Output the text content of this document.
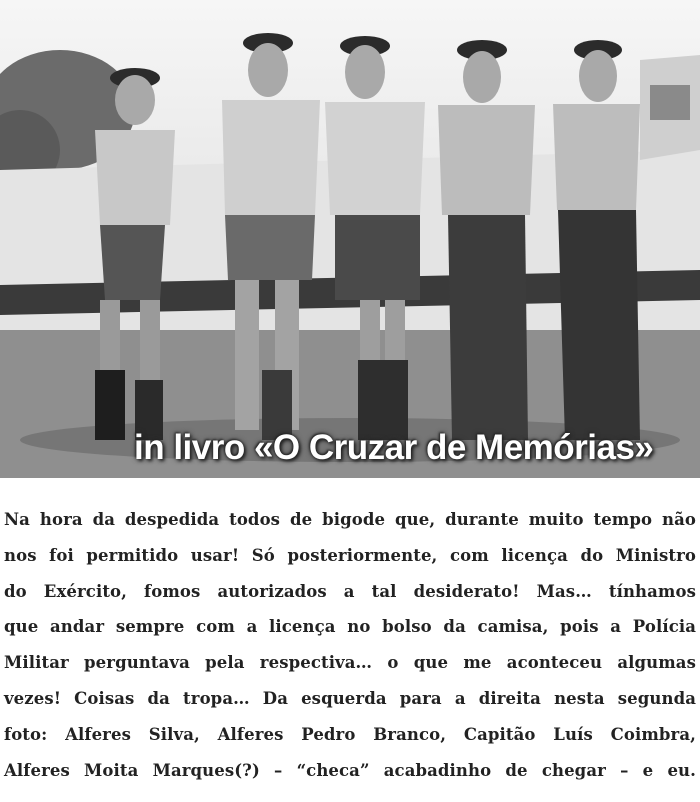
in livro «O Cruzar de Memórias»

Na hora da despedida todos de bigode que, durante muito tempo não
nos foi permitido usar! Só posteriormente, com licença do Ministro
do Exército, fomos autorizados a tal desiderato! Mas… tínhamos
que andar sempre com a licença no bolso da camisa, pois a Polícia
Militar perguntava pela respectiva… o que me aconteceu algumas
vezes! Coisas da tropa… Da esquerda para a direita nesta segunda
foto: Alferes Silva, Alferes Pedro Branco, Capitão Luís Coimbra,
Alferes Moita Marques(?) – “checa” acabadinho de chegar – e eu.
